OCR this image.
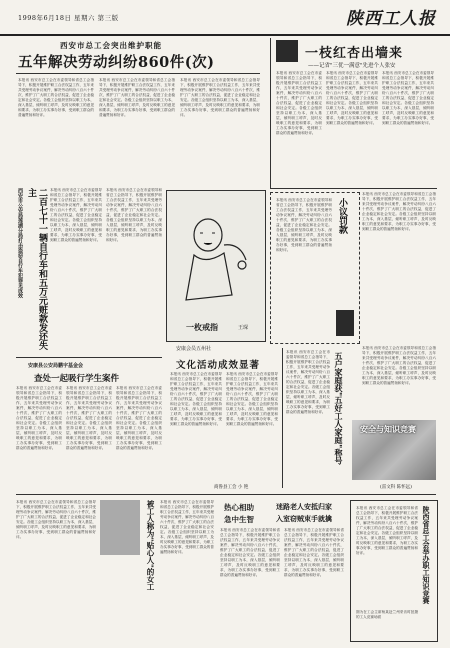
1998年6月18日 星期六 第三版	陕西工人报
西安市总工会突出维护职能
五年解决劳动纠纷860件(次)
本报讯 西安市总工会在市委领导和省总工会指导下，积极开展维护职工合法权益工作，五年来共受理劳动争议案件，解决劳动纠纷八百六十件次，维护了广大职工的合法权益，促进了企业稳定和社会安定。各级工会组织坚持以职工为本，深入基层，倾听职工呼声，及时反映职工的意见和要求，为职工办实事办好事，受到职工群众的普遍赞扬和好评。
本报讯 西安市总工会在市委领导和省总工会指导下，积极开展维护职工合法权益工作，五年来共受理劳动争议案件，解决劳动纠纷八百六十件次，维护了广大职工的合法权益，促进了企业稳定和社会安定。各级工会组织坚持以职工为本，深入基层，倾听职工呼声，及时反映职工的意见和要求，为职工办实事办好事，受到职工群众的普遍赞扬和好评。
本报讯 西安市总工会在市委领导和省总工会指导下，积极开展维护职工合法权益工作，五年来共受理劳动争议案件，解决劳动纠纷八百六十件次，维护了广大职工的合法权益，促进了企业稳定和社会安定。各级工会组织坚持以职工为本，深入基层，倾听职工呼声，及时反映职工的意见和要求，为职工办实事办好事，受到职工群众的普遍赞扬和好评。
一枝红杏出墙来
——记省"三优一满意"先进个人张安
本报讯 西安市总工会在市委领导和省总工会指导下，积极开展维护职工合法权益工作，五年来共受理劳动争议案件，解决劳动纠纷八百六十件次，维护了广大职工的合法权益，促进了企业稳定和社会安定。各级工会组织坚持以职工为本，深入基层，倾听职工呼声，及时反映职工的意见和要求，为职工办实事办好事，受到职工群众的普遍赞扬和好评。
本报讯 西安市总工会在市委领导和省总工会指导下，积极开展维护职工合法权益工作，五年来共受理劳动争议案件，解决劳动纠纷八百六十件次，维护了广大职工的合法权益，促进了企业稳定和社会安定。各级工会组织坚持以职工为本，深入基层，倾听职工呼声，及时反映职工的意见和要求，为职工办实事办好事，受到职工群众的普遍赞扬和好评。
本报讯 西安市总工会在市委领导和省总工会指导下，积极开展维护职工合法权益工作，五年来共受理劳动争议案件，解决劳动纠纷八百六十件次，维护了广大职工的合法权益，促进了企业稳定和社会安定。各级工会组织坚持以职工为本，深入基层，倾听职工呼声，及时反映职工的意见和要求，为职工办实事办好事，受到职工群众的普遍赞扬和好评。
西安市公安局莲湖分局打击盗窃自行车犯罪见成效	二百七十一辆自行车和五万元赃款发还失主	本报讯 西安市总工会在市委领导和省总工会指导下，积极开展维护职工合法权益工作，五年来共受理劳动争议案件，解决劳动纠纷八百六十件次，维护了广大职工的合法权益，促进了企业稳定和社会安定。各级工会组织坚持以职工为本，深入基层，倾听职工呼声，及时反映职工的意见和要求，为职工办实事办好事，受到职工群众的普遍赞扬和好评。
本报讯 西安市总工会在市委领导和省总工会指导下，积极开展维护职工合法权益工作，五年来共受理劳动争议案件，解决劳动纠纷八百六十件次，维护了广大职工的合法权益，促进了企业稳定和社会安定。各级工会组织坚持以职工为本，深入基层，倾听职工呼声，及时反映职工的意见和要求，为职工办实事办好事，受到职工群众的普遍赞扬和好评。
一枚戒指	王琛
小议罚款
本报讯 西安市总工会在市委领导和省总工会指导下，积极开展维护职工合法权益工作，五年来共受理劳动争议案件，解决劳动纠纷八百六十件次，维护了广大职工的合法权益，促进了企业稳定和社会安定。各级工会组织坚持以职工为本，深入基层，倾听职工呼声，及时反映职工的意见和要求，为职工办实事办好事，受到职工群众的普遍赞扬和好评。
本报讯 西安市总工会在市委领导和省总工会指导下，积极开展维护职工合法权益工作，五年来共受理劳动争议案件，解决劳动纠纷八百六十件次，维护了广大职工的合法权益，促进了企业稳定和社会安定。各级工会组织坚持以职工为本，深入基层，倾听职工呼声，及时反映职工的意见和要求，为职工办实事办好事，受到职工群众的普遍赞扬和好评。
安康会员五州社
安康县公安局鹏宇基金会
查处一起吸行学生案件
本报讯 西安市总工会在市委领导和省总工会指导下，积极开展维护职工合法权益工作，五年来共受理劳动争议案件，解决劳动纠纷八百六十件次，维护了广大职工的合法权益，促进了企业稳定和社会安定。各级工会组织坚持以职工为本，深入基层，倾听职工呼声，及时反映职工的意见和要求，为职工办实事办好事，受到职工群众的普遍赞扬和好评。
本报讯 西安市总工会在市委领导和省总工会指导下，积极开展维护职工合法权益工作，五年来共受理劳动争议案件，解决劳动纠纷八百六十件次，维护了广大职工的合法权益，促进了企业稳定和社会安定。各级工会组织坚持以职工为本，深入基层，倾听职工呼声，及时反映职工的意见和要求，为职工办实事办好事，受到职工群众的普遍赞扬和好评。
本报讯 西安市总工会在市委领导和省总工会指导下，积极开展维护职工合法权益工作，五年来共受理劳动争议案件，解决劳动纠纷八百六十件次，维护了广大职工的合法权益，促进了企业稳定和社会安定。各级工会组织坚持以职工为本，深入基层，倾听职工呼声，及时反映职工的意见和要求，为职工办实事办好事，受到职工群众的普遍赞扬和好评。
文化活动成效显著
本报讯 西安市总工会在市委领导和省总工会指导下，积极开展维护职工合法权益工作，五年来共受理劳动争议案件，解决劳动纠纷八百六十件次，维护了广大职工的合法权益，促进了企业稳定和社会安定。各级工会组织坚持以职工为本，深入基层，倾听职工呼声，及时反映职工的意见和要求，为职工办实事办好事，受到职工群众的普遍赞扬和好评。
本报讯 西安市总工会在市委领导和省总工会指导下，积极开展维护职工合法权益工作，五年来共受理劳动争议案件，解决劳动纠纷八百六十件次，维护了广大职工的合法权益，促进了企业稳定和社会安定。各级工会组织坚持以职工为本，深入基层，倾听职工呼声，及时反映职工的意见和要求，为职工办实事办好事，受到职工群众的普遍赞扬和好评。
商鲁县工会 小 艳
本报讯 西安市总工会在市委领导和省总工会指导下，积极开展维护职工合法权益工作，五年来共受理劳动争议案件，解决劳动纠纷八百六十件次，维护了广大职工的合法权益，促进了企业稳定和社会安定。各级工会组织坚持以职工为本，深入基层，倾听职工呼声，及时反映职工的意见和要求，为职工办实事办好事，受到职工群众的普遍赞扬和好评。	五户家庭获"五好工人家庭"称号
本报讯 西安市总工会在市委领导和省总工会指导下，积极开展维护职工合法权益工作，五年来共受理劳动争议案件，解决劳动纠纷八百六十件次，维护了广大职工的合法权益，促进了企业稳定和社会安定。各级工会组织坚持以职工为本，深入基层，倾听职工呼声，及时反映职工的意见和要求，为职工办实事办好事，受到职工群众的普遍赞扬和好评。
安全与知识竞赛
(雷文科 陈怀远)
本报讯 西安市总工会在市委领导和省总工会指导下，积极开展维护职工合法权益工作，五年来共受理劳动争议案件，解决劳动纠纷八百六十件次，维护了广大职工的合法权益，促进了企业稳定和社会安定。各级工会组织坚持以职工为本，深入基层，倾听职工呼声，及时反映职工的意见和要求，为职工办实事办好事，受到职工群众的普遍赞扬和好评。	被工人称为"贴心人"的女工 本报讯 西安市总工会在市委领导和省总工会指导下，积极开展维护职工合法权益工作，五年来共受理劳动争议案件，解决劳动纠纷八百六十件次，维护了广大职工的合法权益，促进了企业稳定和社会安定。各级工会组织坚持以职工为本，深入基层，倾听职工呼声，及时反映职工的意见和要求，为职工办实事办好事，受到职工群众的普遍赞扬和好评。
热心相助	迷路老人安抵归家
急中生智	入室窃贼束手就擒
本报讯 西安市总工会在市委领导和省总工会指导下，积极开展维护职工合法权益工作，五年来共受理劳动争议案件，解决劳动纠纷八百六十件次，维护了广大职工的合法权益，促进了企业稳定和社会安定。各级工会组织坚持以职工为本，深入基层，倾听职工呼声，及时反映职工的意见和要求，为职工办实事办好事，受到职工群众的普遍赞扬和好评。
本报讯 西安市总工会在市委领导和省总工会指导下，积极开展维护职工合法权益工作，五年来共受理劳动争议案件，解决劳动纠纷八百六十件次，维护了广大职工的合法权益，促进了企业稳定和社会安定。各级工会组织坚持以职工为本，深入基层，倾听职工呼声，及时反映职工的意见和要求，为职工办实事办好事，受到职工群众的普遍赞扬和好评。	陕西省总工会举办职工知识竞赛
本报讯 西安市总工会在市委领导和省总工会指导下，积极开展维护职工合法权益工作，五年来共受理劳动争议案件，解决劳动纠纷八百六十件次，维护了广大职工的合法权益，促进了企业稳定和社会安定。各级工会组织坚持以职工为本，深入基层，倾听职工呼声，及时反映职工的意见和要求，为职工办实事办好事，受到职工群众的普遍赞扬和好评。
图为在工会主席杨某赴兰州采访时拍摄的工人竞赛场面
